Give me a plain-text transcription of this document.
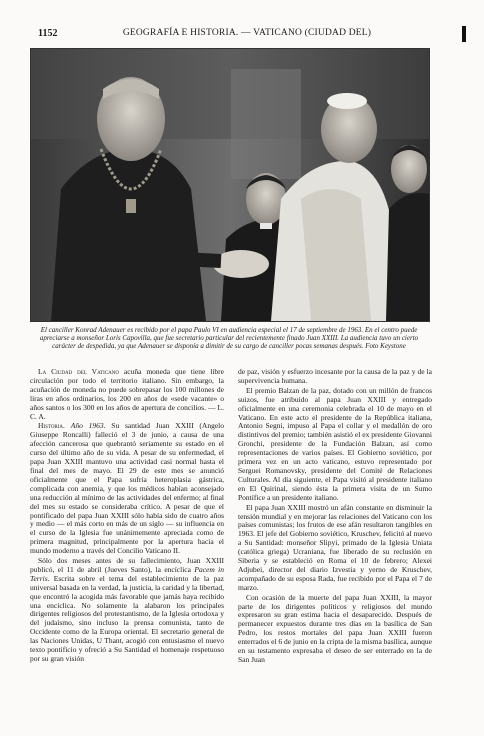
1152	GEOGRAFÍA E HISTORIA. — VATICANO (CIUDAD DEL)
El canciller Konrad Adenauer es recibido por el papa Paulo VI en audiencia especial el 17 de septiembre de 1963. En el centro puede apreciarse a monseñor Loris Capovilla, que fue secretario particular del recientemente finado Juan XXIII. La audiencia tuvo un cierto carácter de despedida, ya que Adenauer se disponía a dimitir de su cargo de canciller pocas semanas después. Foto Keystone

La Ciudad del Vaticano acuña moneda que tiene libre circulación por todo el territorio italiano. Sin embargo, la acuñación de moneda no puede sobrepasar los 100 millones de liras en años ordinarios, los 200 en años de «sede vacante» o años santos o los 300 en los años de apertura de concilios. — L. C. A.

Historia. Año 1963. Su santidad Juan XXIII (Angelo Giuseppe Roncalli) falleció el 3 de junio, a causa de una afección cancerosa que quebrantó seriamente su estado en el curso del último año de su vida. A pesar de su enfermedad, el papa Juan XXIII mantuvo una actividad casi normal hasta el final del mes de mayo. El 29 de este mes se anunció oficialmente que el Papa sufría heteroplasia gástrica, complicada con anemia, y que los médicos habían aconsejado una reducción al mínimo de las actividades del enfermo; al final del mes su estado se consideraba crítico. A pesar de que el pontificado del papa Juan XXIII sólo había sido de cuatro años y medio — el más corto en más de un siglo — su influencia en el curso de la Iglesia fue unánimemente apreciada como de primera magnitud, principalmente por la apertura hacia el mundo moderno a través del Concilio Vaticano II.

Sólo dos meses antes de su fallecimiento, Juan XXIII publicó, el 11 de abril (Jueves Santo), la encíclica Pacem in Terris. Escrita sobre el tema del establecimiento de la paz universal basada en la verdad, la justicia, la caridad y la libertad, que encontró la acogida más favorable que jamás haya recibido una encíclica. No solamente la alabaron los principales dirigentes religiosos del protestantismo, de la Iglesia ortodoxa y del judaísmo, sino incluso la prensa comunista, tanto de Occidente como de la Europa oriental. El secretario general de las Naciones Unidas, U Thant, acogió con entusiasmo el nuevo texto pontificio y ofreció a Su Santidad el homenaje respetuoso por su gran visión

de paz, visión y esfuerzo incesante por la causa de la paz y de la supervivencia humana.

El premio Balzan de la paz, dotado con un millón de francos suizos, fue atribuido al papa Juan XXIII y entregado oficialmente en una ceremonia celebrada el 10 de mayo en el Vaticano. En este acto el presidente de la República italiana, Antonio Segni, impuso al Papa el collar y el medallón de oro distintivos del premio; también asistió el ex presidente Giovanni Gronchi, presidente de la Fundación Balzan, así como representaciones de varios países. El Gobierno soviético, por primera vez en un acto vaticano, estuvo representado por Serguei Romanovsky, presidente del Comité de Relaciones Culturales. Al día siguiente, el Papa visitó al presidente italiano en El Quirinal, siendo ésta la primera visita de un Sumo Pontífice a un presidente italiano.

El papa Juan XXIII mostró un afán constante en disminuir la tensión mundial y en mejorar las relaciones del Vaticano con los países comunistas; los frutos de ese afán resultaron tangibles en 1963. El jefe del Gobierno soviético, Kruschev, felicitó al nuevo a Su Santidad: monseñor Slipyi, primado de la Iglesia Uniata (católica griega) Ucraniana, fue liberado de su reclusión en Siberia y se estableció en Roma el 10 de febrero; Alexei Adjubei, director del diario Izvestia y yerno de Kruschev, acompañado de su esposa Rada, fue recibido por el Papa el 7 de marzo.

Con ocasión de la muerte del papa Juan XXIII, la mayor parte de los dirigentes políticos y religiosos del mundo expresaron su gran estima hacia el desaparecido. Después de permanecer expuestos durante tres días en la basílica de San Pedro, los restos mortales del papa Juan XXIII fueron enterrados el 6 de junio en la cripta de la misma basílica, aunque en su testamento expresaba el deseo de ser enterrado en la de San Juan
